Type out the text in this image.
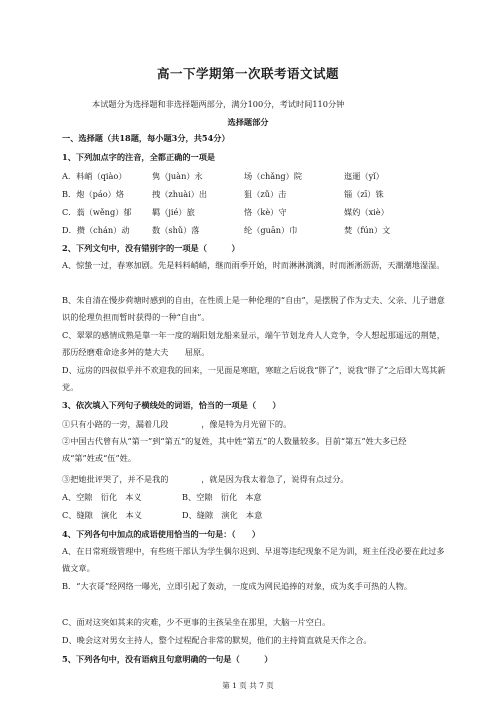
高一下学期第一次联考语文试题
本试题分为选择题和非选择题两部分，满分100分，考试时间110分钟
选择题部分
一、选择题（共18题，每小题3分，共54分）
1、下列加点字的注音，全都正确的一项是
A．料峭（qiào）	隽（juàn）永	场（chǎng）院	迤逦（yǐ）
B．炮（páo）烙	拽（zhuài）出	狙（zǔ）击	锱（zī）铢
C．蓊（wěng）郁 羁（jié）旅	恪（kè）守	媒妁（xiè）
D．攒（chán）动	数（shǔ）落	纶（guān）巾	焚（fún）文
2、下列文句中，没有错别字的一项是（　　　）
A、惊蛰一过，春寒加剧。先是料料峭峭，继而雨季开始，时而淋淋漓漓，时而淅淅沥沥，天潮潮地湿湿。
B、朱自清在慢步荷塘时感到的自由，在性质上是一种伦理的“自由”，是摆脱了作为丈夫、父亲、儿子谱意识的伦理负担而暂时获得的一种“自由”。
C、翠翠的感情成熟是靠一年一度的端阳划龙船来显示，端午节划龙舟人人竞争，令人想起那遥远的荆楚，那历经磨难命途多舛的楚大夫　　屈原。
D、远房的四叔似乎并不欢迎我的回来，一见面是寒暄，寒暄之后说我“胖了”，说我“胖了”之后即大骂其新党。
3、依次填入下列句子横线处的词语，恰当的一项是（　　）
①只有小路的一旁，漏着几段　　　　，像是特为月光留下的。
②中国古代曾有从“第一”到“第五”的复姓，其中姓“第五”的人数量较多。目前“第五”姓大多已经　　　　成“第”姓或“伍”姓。
③把她批评哭了，并不是我的　　　　，就是因为我太着急了，说得有点过分。
A、空隙　衍化　本义	B、空隙　衍化　本意
C、缝隙　演化　本义	D、缝隙　演化　本意
4、下列各句中加点的成语使用恰当的一句是：（　　）
A、在日常班级管理中，有些班干部认为学生偶尔迟到、早退等违纪现象不足为训，班主任没必要在此过多做文章。
B．“大衣哥”经网络一曝光，立即引起了轰动，一度成为网民追捧的对象，成为炙手可热的人物。
C、面对这突如其来的灾难，少不更事的主孩呆坐在那里，大脑一片空白。
D、晚会这对男女主持人，整个过程配合非常的默契，他们的主持简直就是天作之合。
5、下列各句中，没有语病且句意明确的一句是（　　　）
第 1 页 共 7 页
